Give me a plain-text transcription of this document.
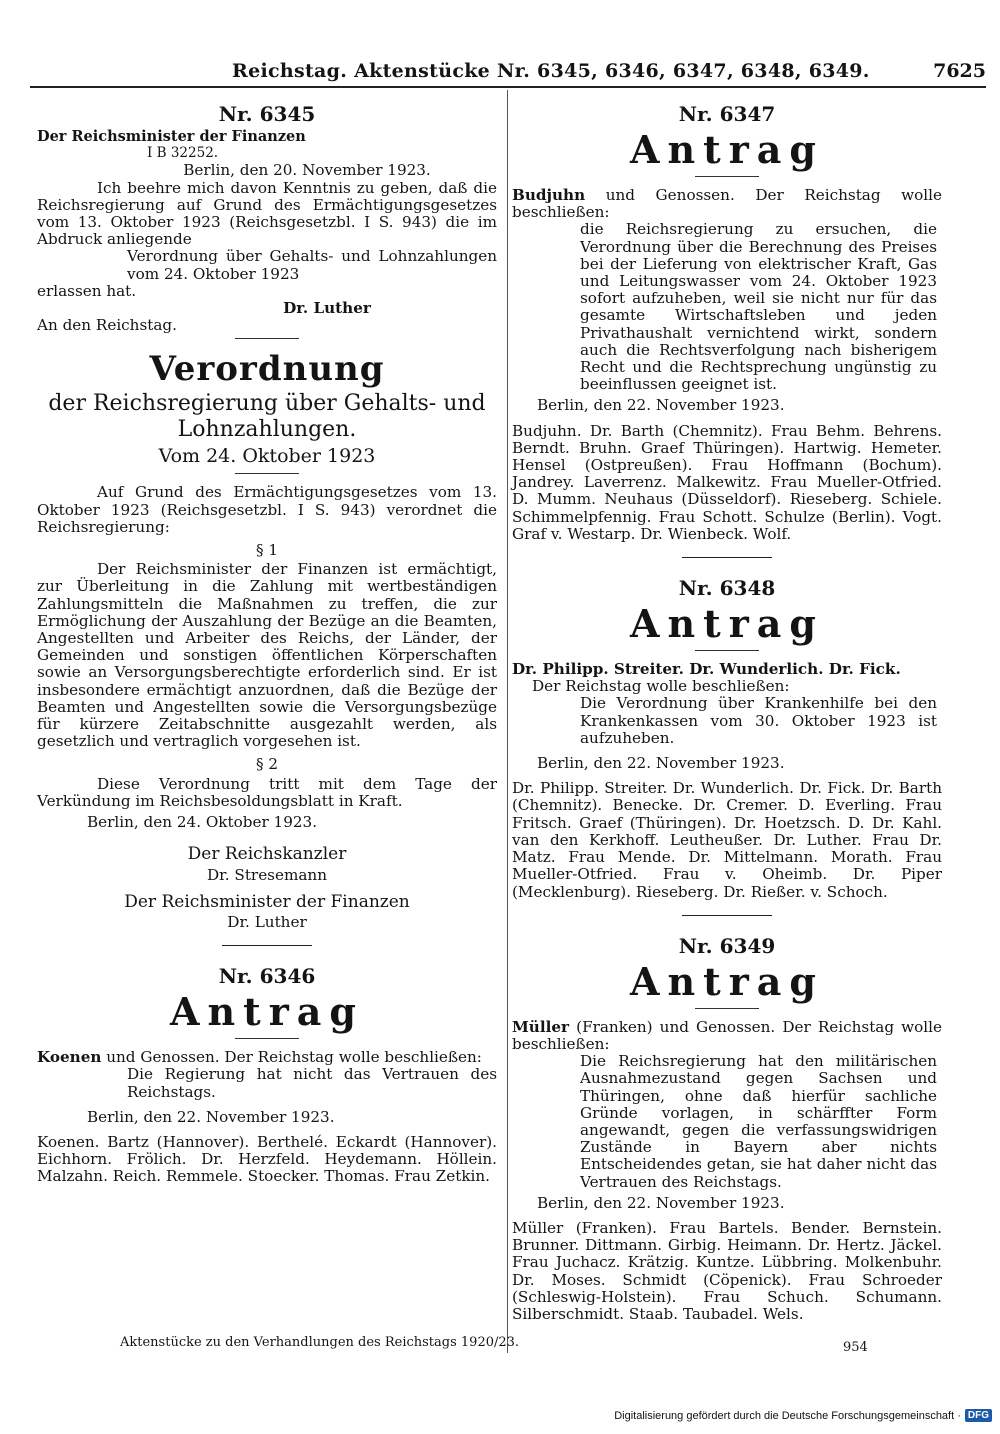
Reichstag. Aktenstücke Nr. 6345, 6346, 6347, 6348, 6349.	7625
Nr. 6345
Der Reichsminister der Finanzen
I B 32252.
Berlin, den 20. November 1923.

Ich beehre mich davon Kenntnis zu geben, daß die Reichsregierung auf Grund des Ermächtigungsgesetzes vom 13. Oktober 1923 (Reichsgesetzbl. I S. 943) die im Abdruck anliegende

Verordnung über Gehalts- und Lohnzahlungen vom 24. Oktober 1923

erlassen hat.

Dr. Luther
An den Reichstag.
Verordnung
der Reichsregierung über Gehalts- und Lohnzahlungen.
Vom 24. Oktober 1923

Auf Grund des Ermächtigungsgesetzes vom 13. Oktober 1923 (Reichsgesetzbl. I S. 943) verordnet die Reichsregierung:

§ 1

Der Reichsminister der Finanzen ist ermächtigt, zur Überleitung in die Zahlung mit wertbeständigen Zahlungsmitteln die Maßnahmen zu treffen, die zur Ermöglichung der Auszahlung der Bezüge an die Beamten, Angestellten und Arbeiter des Reichs, der Länder, der Gemeinden und sonstigen öffentlichen Körperschaften sowie an Versorgungsberechtigte erforderlich sind. Er ist insbesondere ermächtigt anzuordnen, daß die Bezüge der Beamten und Angestellten sowie die Versorgungsbezüge für kürzere Zeitabschnitte ausgezahlt werden, als gesetzlich und vertraglich vorgesehen ist.

§ 2

Diese Verordnung tritt mit dem Tage der Verkündung im Reichsbesoldungsblatt in Kraft.

Berlin, den 24. Oktober 1923.
Der Reichskanzler
Dr. Stresemann
Der Reichsminister der Finanzen
Dr. Luther
Nr. 6346
Antrag

Koenen und Genossen. Der Reichstag wolle beschließen:

Die Regierung hat nicht das Vertrauen des Reichstags.

Berlin, den 22. November 1923.

Koenen. Bartz (Hannover). Berthelé. Eckardt (Hannover). Eichhorn. Frölich. Dr. Herzfeld. Heydemann. Höllein. Malzahn. Reich. Remmele. Stoecker. Thomas. Frau Zetkin.

Nr. 6347
Antrag

Budjuhn und Genossen. Der Reichstag wolle beschließen:

die Reichsregierung zu ersuchen, die Verordnung über die Berechnung des Preises bei der Lieferung von elektrischer Kraft, Gas und Leitungswasser vom 24. Oktober 1923 sofort aufzuheben, weil sie nicht nur für das gesamte Wirtschaftsleben und jeden Privathaushalt vernichtend wirkt, sondern auch die Rechtsverfolgung nach bisherigem Recht und die Rechtsprechung ungünstig zu beeinflussen geeignet ist.

Berlin, den 22. November 1923.

Budjuhn. Dr. Barth (Chemnitz). Frau Behm. Behrens. Berndt. Bruhn. Graef Thüringen). Hartwig. Hemeter. Hensel (Ostpreußen). Frau Hoffmann (Bochum). Jandrey. Laverrenz. Malkewitz. Frau Mueller-Otfried. D. Mumm. Neuhaus (Düsseldorf). Rieseberg. Schiele. Schimmelpfennig. Frau Schott. Schulze (Berlin). Vogt. Graf v. Westarp. Dr. Wienbeck. Wolf.

Nr. 6348
Antrag

Dr. Philipp. Streiter. Dr. Wunderlich. Dr. Fick.

Der Reichstag wolle beschließen:

Die Verordnung über Krankenhilfe bei den Krankenkassen vom 30. Oktober 1923 ist aufzuheben.

Berlin, den 22. November 1923.

Dr. Philipp. Streiter. Dr. Wunderlich. Dr. Fick. Dr. Barth (Chemnitz). Benecke. Dr. Cremer. D. Everling. Frau Fritsch. Graef (Thüringen). Dr. Hoetzsch. D. Dr. Kahl. van den Kerkhoff. Leutheußer. Dr. Luther. Frau Dr. Matz. Frau Mende. Dr. Mittelmann. Morath. Frau Mueller-Otfried. Frau v. Oheimb. Dr. Piper (Mecklenburg). Rieseberg. Dr. Rießer. v. Schoch.

Nr. 6349
Antrag

Müller (Franken) und Genossen. Der Reichstag wolle beschließen:

Die Reichsregierung hat den militärischen Ausnahmezustand gegen Sachsen und Thüringen, ohne daß hierfür sachliche Gründe vorlagen, in schärffter Form angewandt, gegen die verfassungswidrigen Zustände in Bayern aber nichts Entscheidendes getan, sie hat daher nicht das Vertrauen des Reichstags.

Berlin, den 22. November 1923.

Müller (Franken). Frau Bartels. Bender. Bernstein. Brunner. Dittmann. Girbig. Heimann. Dr. Hertz. Jäckel. Frau Juchacz. Krätzig. Kuntze. Lübbring. Molkenbuhr. Dr. Moses. Schmidt (Cöpenick). Frau Schroeder (Schleswig-Holstein). Frau Schuch. Schumann. Silberschmidt. Staab. Taubadel. Wels.

Aktenstücke zu den Verhandlungen des Reichstags 1920/23.	954
Digitalisierung gefördert durch die Deutsche Forschungsgemeinschaft · DFG
